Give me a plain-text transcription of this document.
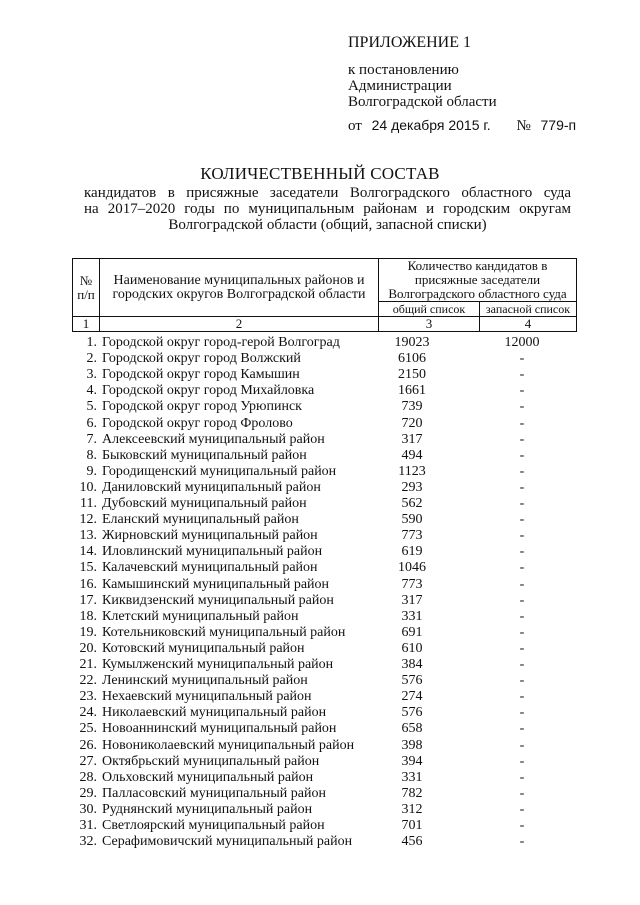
ПРИЛОЖЕНИЕ 1
к постановлению
Администрации
Волгоградской области
от 24 декабря 2015 г. № 779-п
КОЛИЧЕСТВЕННЫЙ СОСТАВ
кандидатов в присяжные заседатели Волгоградского областного суда
на 2017–2020 годы по муниципальным районам и городским округам
Волгоградской области (общий, запасной списки)
№ п/п	Наименование муниципальных районов и городских округов Волгоградской области	Количество кандидатов в присяжные заседатели Волгоградского областного суда	
		общий список	запасной список
1	2	3	4
1. Городской округ город-герой Волгоград	19023	12000
2. Городской округ город Волжский	6106	-
3. Городской округ город Камышин	2150	-
4. Городской округ город Михайловка	1661	-
5. Городской округ город Урюпинск	739	-
6. Городской округ город Фролово	720	-
7. Алексеевский муниципальный район	317	-
8. Быковский муниципальный район	494	-
9. Городищенский муниципальный район	1123	-
10. Даниловский муниципальный район	293	-
11. Дубовский муниципальный район	562	-
12. Еланский муниципальный район	590	-
13. Жирновский муниципальный район	773	-
14. Иловлинский муниципальный район	619	-
15. Калачевский муниципальный район	1046	-
16. Камышинский муниципальный район	773	-
17. Киквидзенский муниципальный район	317	-
18. Клетский муниципальный район	331	-
19. Котельниковский муниципальный район	691	-
20. Котовский муниципальный район	610	-
21. Кумылженский муниципальный район	384	-
22. Ленинский муниципальный район	576	-
23. Нехаевский муниципальный район	274	-
24. Николаевский муниципальный район	576	-
25. Новоаннинский муниципальный район	658	-
26. Новониколаевский муниципальный район	398	-
27. Октябрьский муниципальный район	394	-
28. Ольховский муниципальный район	331	-
29. Палласовский муниципальный район	782	-
30. Руднянский муниципальный район	312	-
31. Светлоярский муниципальный район	701	-
32. Серафимовичский муниципальный район	456	-
